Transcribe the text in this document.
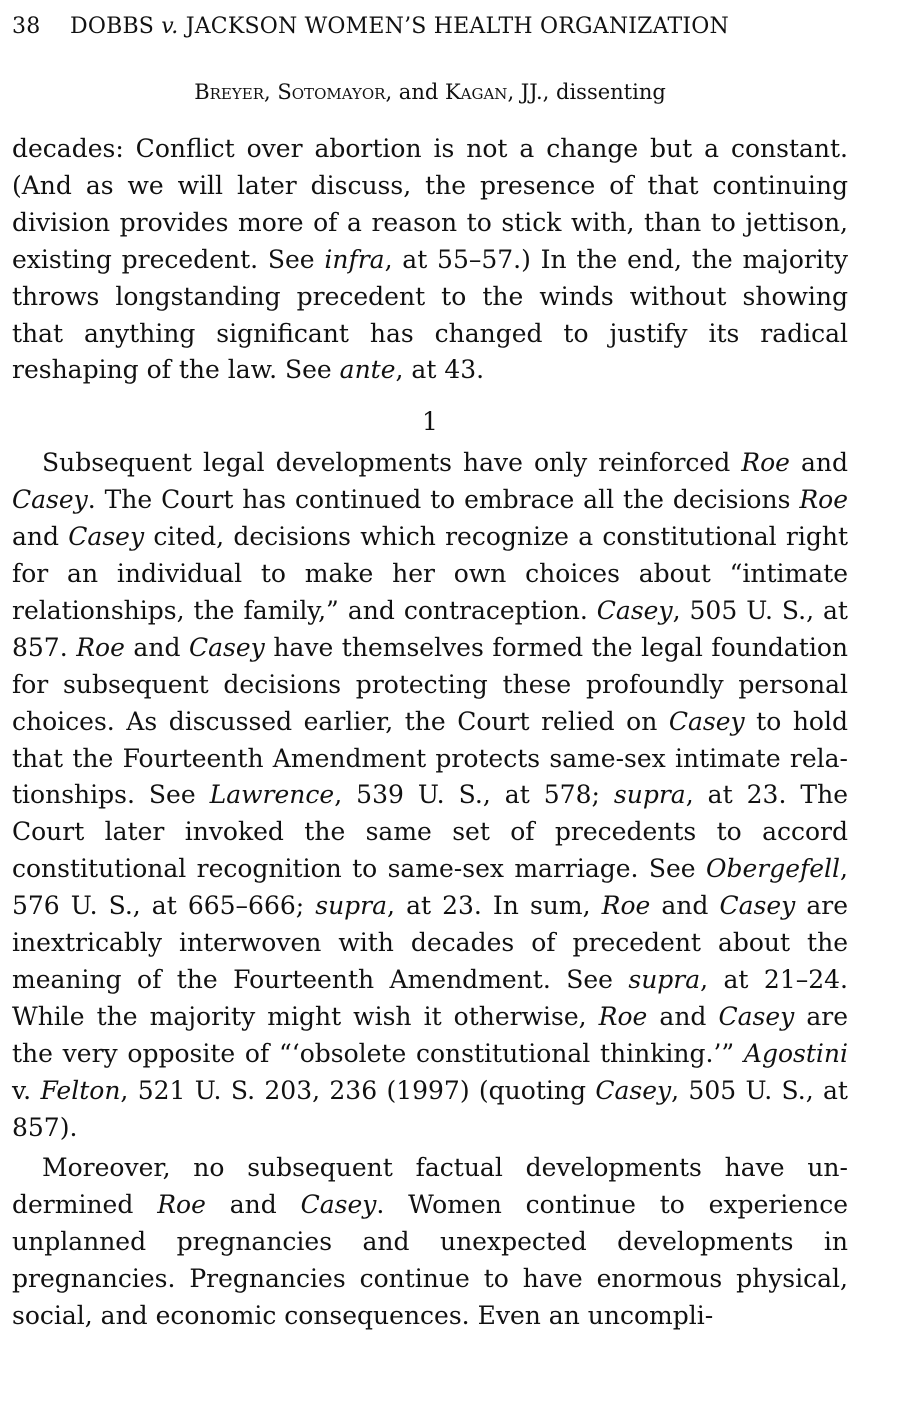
38 DOBBS v. JACKSON WOMEN’S HEALTH ORGANIZATION
Breyer, Sotomayor, and Kagan, JJ., dissenting

decades: Conflict over abortion is not a change but a constant. (And as we will later discuss, the presence of that continuing division provides more of a reason to stick with, than to jettison, existing precedent. See infra, at 55–57.) In the end, the majority throws longstanding precedent to the winds without showing that anything significant has changed to justify its radical reshaping of the law. See ante, at 43.

1

Subsequent legal developments have only reinforced Roe and Casey. The Court has continued to embrace all the decisions Roe and Casey cited, decisions which recognize a constitutional right for an individual to make her own choices about “intimate relationships, the family,” and contraception. Casey, 505 U. S., at 857. Roe and Casey have themselves formed the legal foundation for subsequent decisions protecting these profoundly personal choices. As discussed earlier, the Court relied on Casey to hold that the Fourteenth Amendment protects same-sex intimate relationships. See Lawrence, 539 U. S., at 578; supra, at 23. The Court later invoked the same set of precedents to accord constitutional recognition to same-sex marriage. See Obergefell, 576 U. S., at 665–666; supra, at 23. In sum, Roe and Casey are inextricably interwoven with decades of precedent about the meaning of the Fourteenth Amendment. See supra, at 21–24. While the majority might wish it otherwise, Roe and Casey are the very opposite of “‘obsolete constitutional thinking.’” Agostini v. Felton, 521 U. S. 203, 236 (1997) (quoting Casey, 505 U. S., at 857).

Moreover, no subsequent factual developments have undermined Roe and Casey. Women continue to experience unplanned pregnancies and unexpected developments in pregnancies. Pregnancies continue to have enormous physical, social, and economic consequences. Even an uncompli-
